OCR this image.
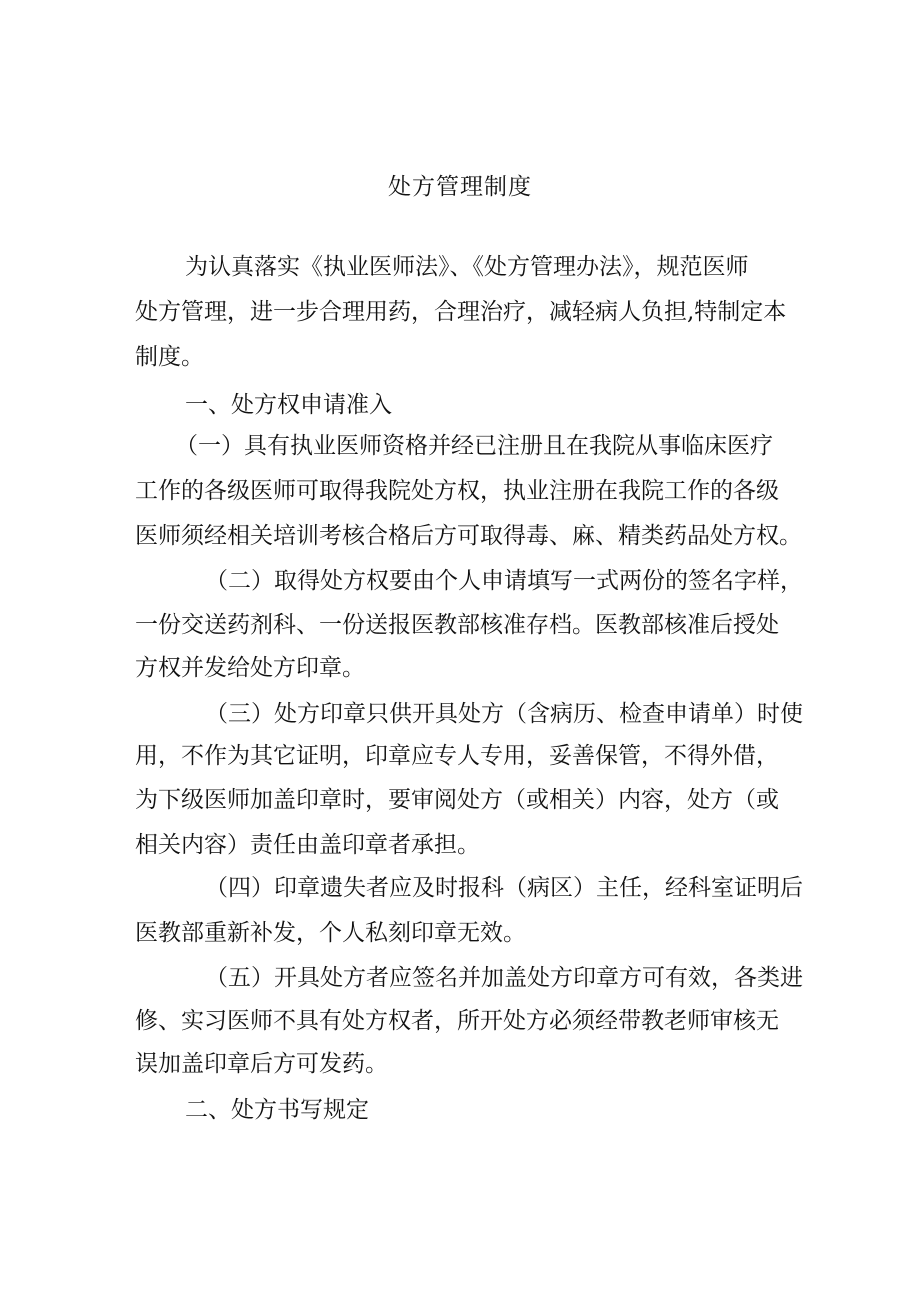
处方管理制度
为认真落实《执业医师法》、《处方管理办法》，规范医师
处方管理，进一步合理用药，合理治疗，减轻病人负担,特制定本
制度。
一、处方权申请准入
（一）具有执业医师资格并经已注册且在我院从事临床医疗
工作的各级医师可取得我院处方权，执业注册在我院工作的各级
医师须经相关培训考核合格后方可取得毒、麻、精类药品处方权。
（二）取得处方权要由个人申请填写一式两份的签名字样，
一份交送药剂科、一份送报医教部核准存档。医教部核准后授处
方权并发给处方印章。
（三）处方印章只供开具处方（含病历、检查申请单）时使
用，不作为其它证明，印章应专人专用，妥善保管，不得外借，
为下级医师加盖印章时，要审阅处方（或相关）内容，处方（或
相关内容）责任由盖印章者承担。
（四）印章遗失者应及时报科（病区）主任，经科室证明后
医教部重新补发，个人私刻印章无效。
（五）开具处方者应签名并加盖处方印章方可有效，各类进
修、实习医师不具有处方权者，所开处方必须经带教老师审核无
误加盖印章后方可发药。
二、处方书写规定
